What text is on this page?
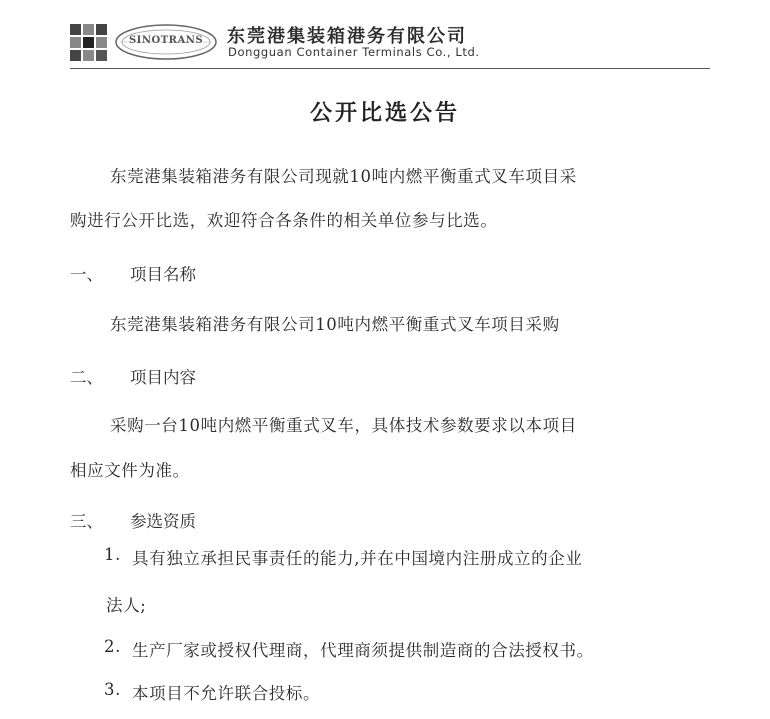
SINOTRANS	东莞港集装箱港务有限公司
Dongguan Container Terminals Co., Ltd.
公开比选公告
东莞港集装箱港务有限公司现就10吨内燃平衡重式叉车项目采
购进行公开比选，欢迎符合各条件的相关单位参与比选。
一、 项目名称
东莞港集装箱港务有限公司10吨内燃平衡重式叉车项目采购
二、 项目内容
采购一台10吨内燃平衡重式叉车，具体技术参数要求以本项目
相应文件为准。
三、 参选资质
1. 具有独立承担民事责任的能力,并在中国境内注册成立的企业
法人;
2. 生产厂家或授权代理商，代理商须提供制造商的合法授权书。
3. 本项目不允许联合投标。
